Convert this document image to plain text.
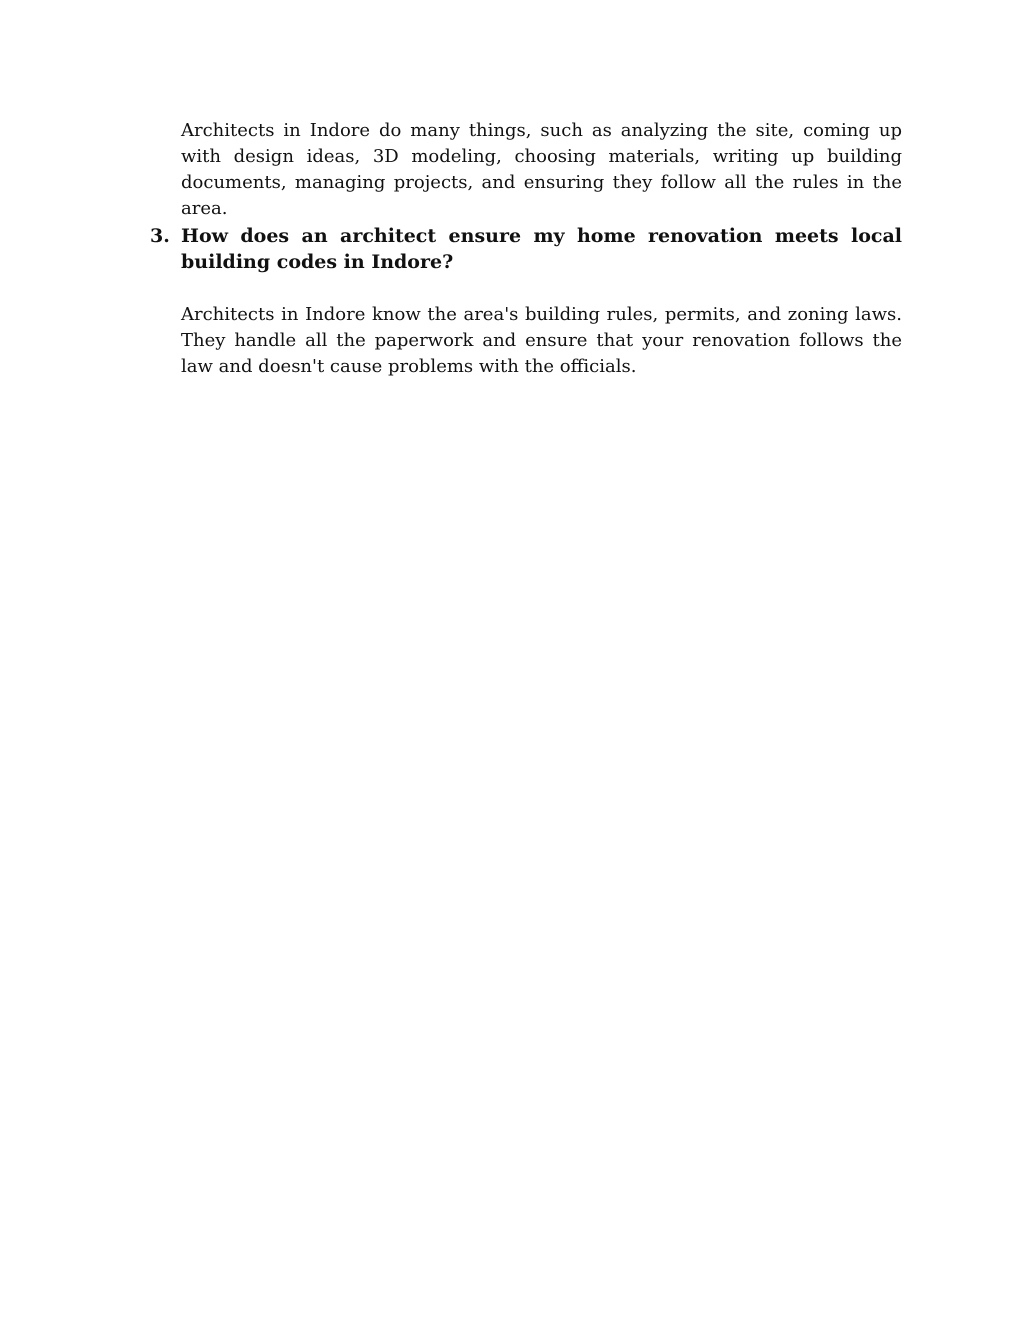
Architects in Indore do many things, such as analyzing the site, coming up with design ideas, 3D modeling, choosing materials, writing up building documents, managing projects, and ensuring they follow all the rules in the area.

3. How does an architect ensure my home renovation meets local building codes in Indore?

Architects in Indore know the area's building rules, permits, and zoning laws. They handle all the paperwork and ensure that your renovation follows the law and doesn't cause problems with the officials.
